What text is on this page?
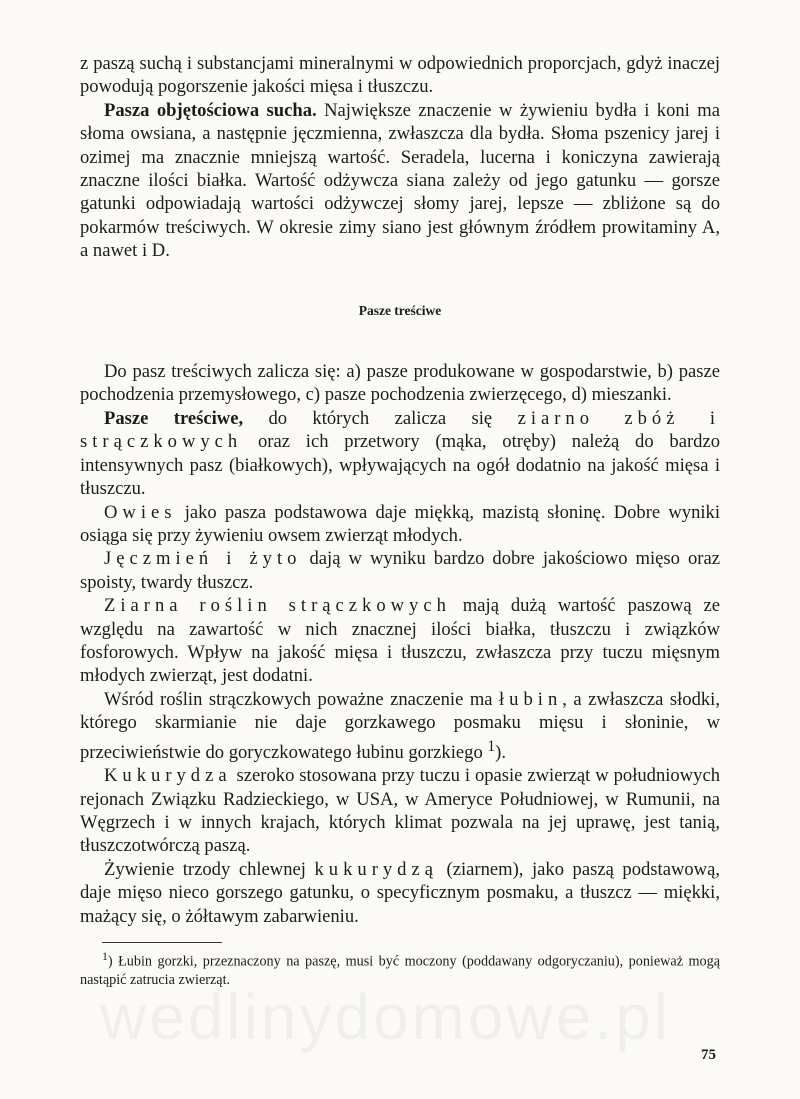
z paszą suchą i substancjami mineralnymi w odpowiednich proporcjach, gdyż inaczej powodują pogorszenie jakości mięsa i tłuszczu.

Pasza objętościowa sucha. Największe znaczenie w żywieniu bydła i koni ma słoma owsiana, a następnie jęczmienna, zwłaszcza dla bydła. Słoma pszenicy jarej i ozimej ma znacznie mniejszą wartość. Seradela, lucerna i koniczyna zawierają znaczne ilości białka. Wartość odżywcza siana zależy od jego gatunku — gorsze gatunki odpowiadają wartości odżywczej słomy jarej, lepsze — zbliżone są do pokarmów treściwych. W okresie zimy siano jest głównym źródłem prowitaminy A, a nawet i D.

Pasze treściwe

Do pasz treściwych zalicza się: a) pasze produkowane w gospodarstwie, b) pasze pochodzenia przemysłowego, c) pasze pochodzenia zwierzęcego, d) mieszanki.

Pasze treściwe, do których zalicza się ziarno zbóż i strączkowych oraz ich przetwory (mąka, otręby) należą do bardzo intensywnych pasz (białkowych), wpływających na ogół dodatnio na jakość mięsa i tłuszczu.

Owies jako pasza podstawowa daje miękką, mazistą słoninę. Dobre wyniki osiąga się przy żywieniu owsem zwierząt młodych.

Jęczmień i żyto dają w wyniku bardzo dobre jakościowo mięso oraz spoisty, twardy tłuszcz.

Ziarna roślin strączkowych mają dużą wartość paszową ze względu na zawartość w nich znacznej ilości białka, tłuszczu i związków fosforowych. Wpływ na jakość mięsa i tłuszczu, zwłaszcza przy tuczu mięsnym młodych zwierząt, jest dodatni.

Wśród roślin strączkowych poważne znaczenie ma łubin, a zwłaszcza słodki, którego skarmianie nie daje gorzkawego posmaku mięsu i słoninie, w przeciwieństwie do goryczkowatego łubinu gorzkiego $^1$).

Kukurydza szeroko stosowana przy tuczu i opasie zwierząt w południowych rejonach Związku Radzieckiego, w USA, w Ameryce Południowej, w Rumunii, na Węgrzech i w innych krajach, których klimat pozwala na jej uprawę, jest tanią, tłuszczotwórczą paszą.

Żywienie trzody chlewnej kukurydzą (ziarnem), jako paszą podstawową, daje mięso nieco gorszego gatunku, o specyficznym posmaku, a tłuszcz — miękki, mażący się, o żółtawym zabarwieniu.

$^1$) Łubin gorzki, przeznaczony na paszę, musi być moczony (poddawany odgoryczaniu), ponieważ mogą nastąpić zatrucia zwierząt.

75
